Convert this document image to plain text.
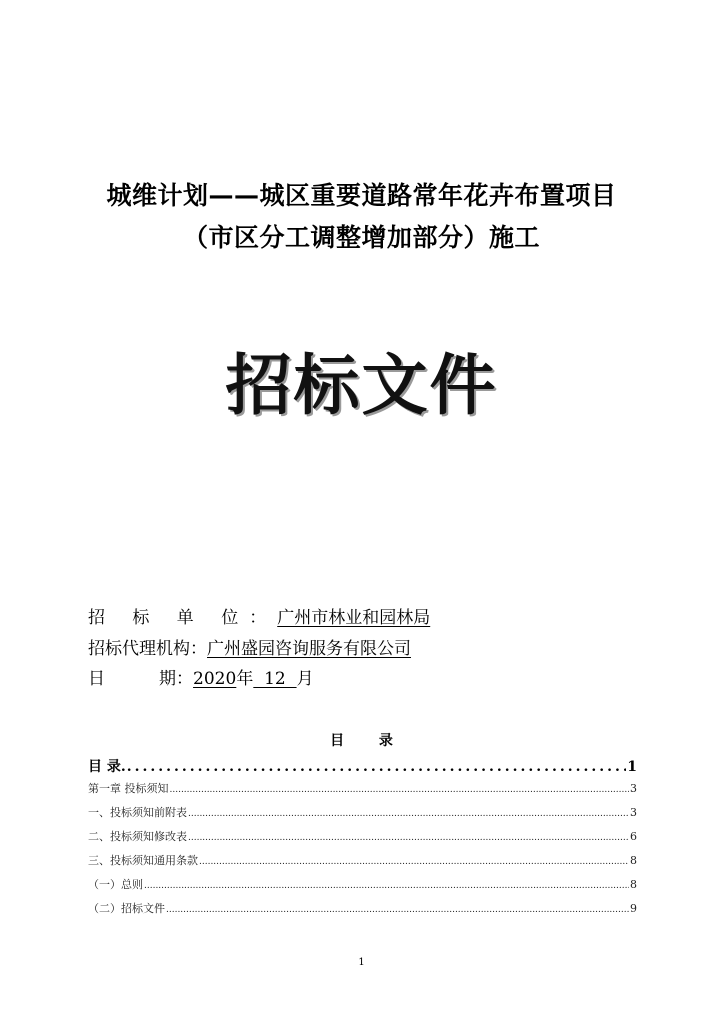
城维计划——城区重要道路常年花卉布置项目
（市区分工调整增加部分）施工
招标文件
招 标 单 位：广州市林业和园林局
招标代理机构：广州盛园咨询服务有限公司
日          期：2020年  12  月
目 录
目 录. .....	1
第一章 投标须知 .....	3
一、投标须知前附表 .....	3
二、投标须知修改表 .....	6
三、投标须知通用条款 .....	8
（一）总则 .....	8
（二）招标文件 .....	9
1
